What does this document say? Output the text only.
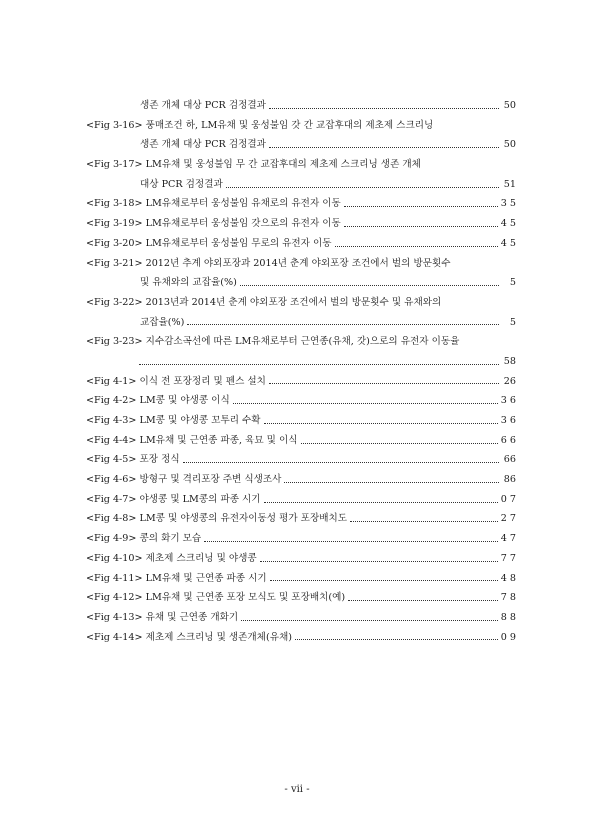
생존 개체 대상 PCR 검정결과	50
<Fig 3-16> 풍매조건 하, LM유채 및 웅성불임 갓 간 교잡후대의 제초제 스크리닝
생존 개체 대상 PCR 검정결과	50
<Fig 3-17> LM유채 및 웅성불임 무 간 교잡후대의 제초제 스크리닝 생존 개체
대상 PCR 검정결과	51
<Fig 3-18> LM유채로부터 웅성불임 유채로의 유전자 이동	3 5
<Fig 3-19> LM유채로부터 웅성불임 갓으로의 유전자 이동	4 5
<Fig 3-20> LM유채로부터 웅성불임 무로의 유전자 이동	4 5
<Fig 3-21> 2012년 추계 야외포장과 2014년 춘계 야외포장 조건에서 벌의 방문횟수
및 유채와의 교잡율(%)	5
<Fig 3-22> 2013년과 2014년 춘계 야외포장 조건에서 벌의 방문횟수 및 유채와의
교잡율(%)	5
<Fig 3-23> 지수감소곡선에 따른 LM유채로부터 근연종(유채, 갓)으로의 유전자 이동율
58
<Fig 4-1> 이식 전 포장정리 및 펜스 설치	26
<Fig 4-2> LM콩 및 야생콩 이식	3 6
<Fig 4-3> LM콩 및 야생콩 꼬투리 수확	3 6
<Fig 4-4> LM유채 및 근연종 파종, 육묘 및 이식	6 6
<Fig 4-5> 포장 정식	66
<Fig 4-6> 방형구 및 격리포장 주변 식생조사	86
<Fig 4-7> 야생콩 및 LM콩의 파종 시기	0 7
<Fig 4-8> LM콩 및 야생콩의 유전자이동성 평가 포장배치도	2 7
<Fig 4-9> 콩의 화기 모습	4 7
<Fig 4-10> 제초제 스크리닝 및 야생콩	7 7
<Fig 4-11> LM유채 및 근연종 파종 시기	4 8
<Fig 4-12> LM유채 및 근연종 포장 모식도 및 포장배치(예)	7 8
<Fig 4-13> 유채 및 근연종 개화기	8 8
<Fig 4-14> 제초제 스크리닝 및 생존개체(유채)	0 9
- vii -
